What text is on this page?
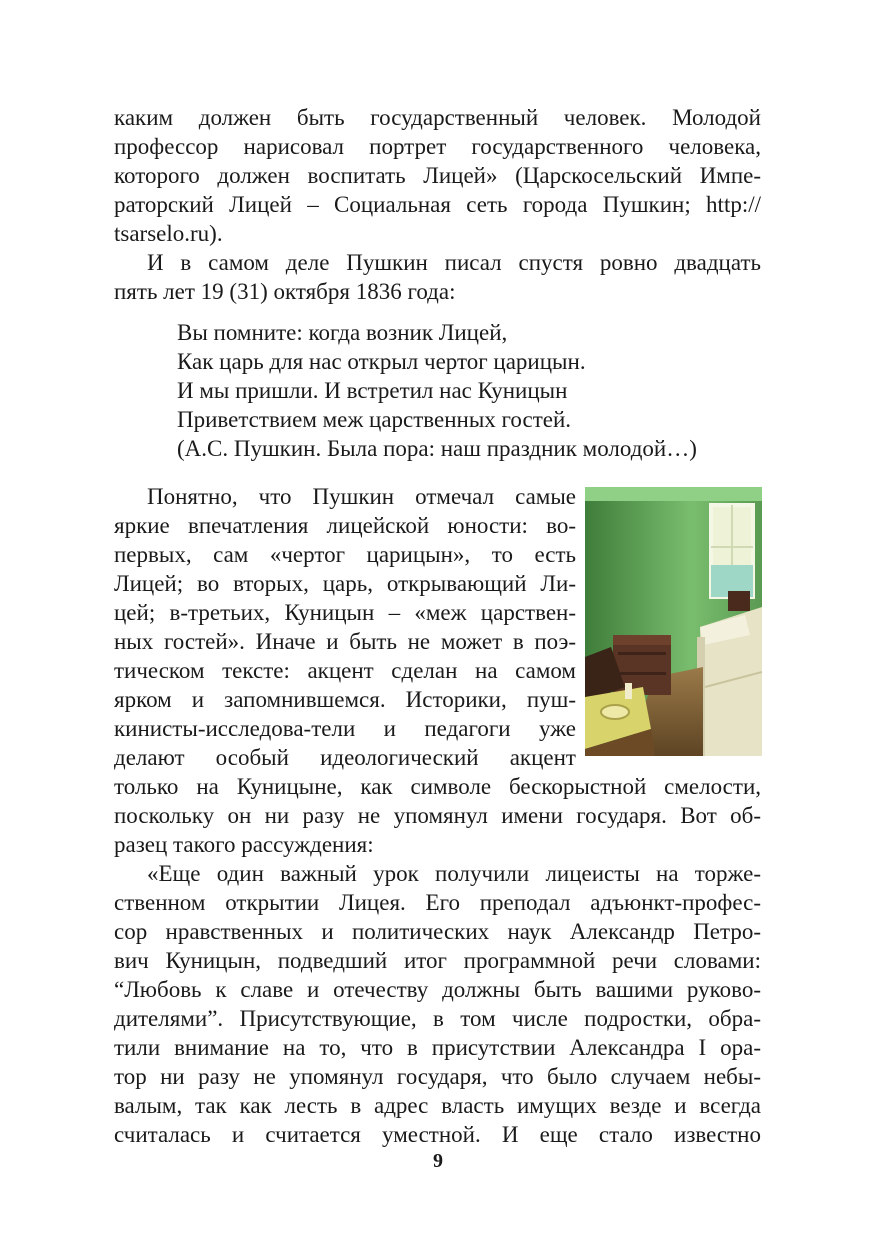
каким должен быть государственный человек. Молодой
профессор нарисовал портрет государственного человека,
которого должен воспитать Лицей» (Царскосельский Импе-
раторский Лицей – Социальная сеть города Пушкин; http://
tsarselo.ru).
И в самом деле Пушкин писал спустя ровно двадцать
пять лет 19 (31) октября 1836 года:
Вы помните: когда возник Лицей,
Как царь для нас открыл чертог царицын.
И мы пришли. И встретил нас Куницын
Приветствием меж царственных гостей.
(А.С. Пушкин. Была пора: наш праздник молодой…)
Понятно, что Пушкин отмечал самые
яркие впечатления лицейской юности: во-
первых, сам «чертог царицын», то есть
Лицей; во вторых, царь, открывающий Ли-
цей; в-третьих, Куницын – «меж царствен-
ных гостей». Иначе и быть не может в поэ-
тическом тексте: акцент сделан на самом
ярком и запомнившемся. Историки, пуш-
кинисты-исследова-тели и педагоги уже
делают особый идеологический акцент
только на Куницыне, как символе бескорыстной смелости,
поскольку он ни разу не упомянул имени государя. Вот об-
разец такого рассуждения:
«Еще один важный урок получили лицеисты на торже-
ственном открытии Лицея. Его преподал адъюнкт-профес-
сор нравственных и политических наук Александр Петро-
вич Куницын, подведший итог программной речи словами:
“Любовь к славе и отечеству должны быть вашими руково-
дителями”. Присутствующие, в том числе подростки, обра-
тили внимание на то, что в присутствии Александра I ора-
тор ни разу не упомянул государя, что было случаем небы-
валым, так как лесть в адрес власть имущих везде и всегда
считалась и считается уместной. И еще стало известно
9
